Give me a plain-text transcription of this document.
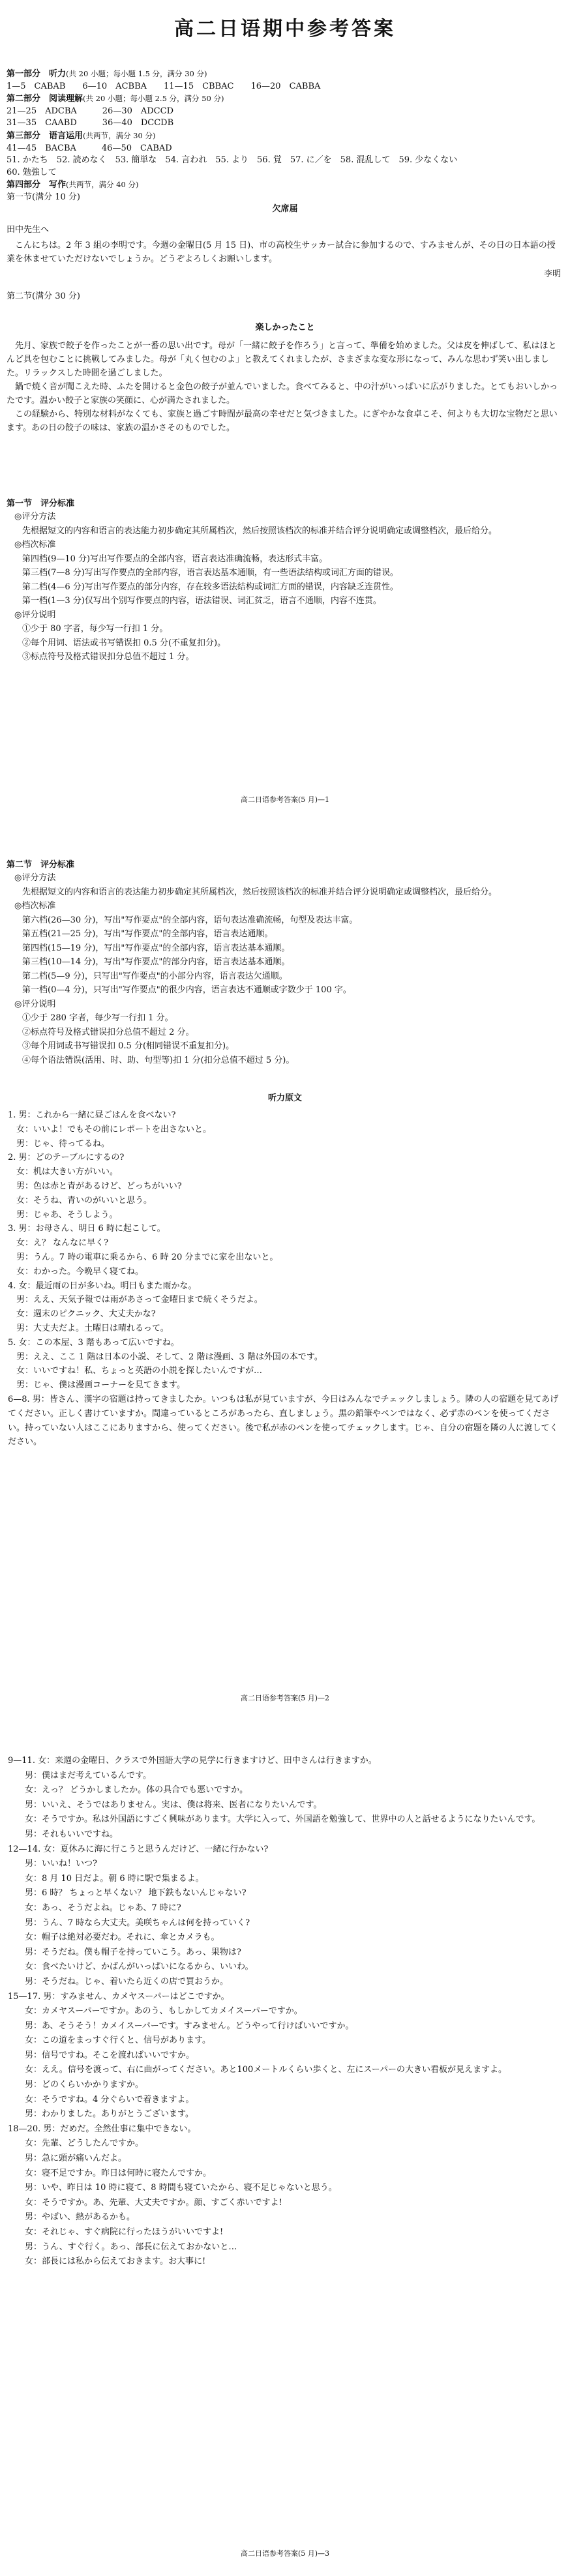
高二日语期中参考答案
第一部分　听力(共 20 小题；每小题 1.5 分，满分 30 分)
1—5　CABAB　　6—10　ACBBA　　11—15　CBBAC　　16—20　CABBA
第二部分　阅读理解(共 20 小题；每小题 2.5 分，满分 50 分)
21—25　ADCBA　　　26—30　ADCCD
31—35　CAABD　　　36—40　DCCDB
第三部分　语言运用(共两节，满分 30 分)
41—45　BACBA　　　46—50　CABAD
51. かたち　52. 読めなく　53. 簡単な　54. 言われ　55. より　56. 覚　57. に／を　58. 混乱して　59. 少なくない
60. 勉強して
第四部分　写作(共两节，满分 40 分)
第一节(满分 10 分)
欠席届
田中先生へ
　こんにちは。2 年 3 組の李明です。今週の金曜日(5 月 15 日)、市の高校生サッカー試合に参加するので、すみませんが、その日の日本語の授業を休ませていただけないでしょうか。どうぞよろしくお願いします。
李明
第二节(满分 30 分)
楽しかったこと
　先月、家族で餃子を作ったことが一番の思い出です。母が「一緒に餃子を作ろう」と言って、準備を始めました。父は皮を伸ばして、私はほとんど具を包むことに挑戦してみました。母が「丸く包むのよ」と教えてくれましたが、さまざまな変な形になって、みんな思わず笑い出しました。リラックスした時間を過ごしました。
　鍋で焼く音が聞こえた時、ふたを開けると金色の餃子が並んでいました。食べてみると、中の汁がいっぱいに広がりました。とてもおいしかったです。温かい餃子と家族の笑顔に、心が満たされました。
　この経験から、特別な材料がなくても、家族と過ごす時間が最高の幸せだと気づきました。にぎやかな食卓こそ、何よりも大切な宝物だと思います。あの日の餃子の味は、家族の温かさそのものでした。
第一节　评分标准
◎评分方法
先根据短文的内容和语言的表达能力初步确定其所属档次，然后按照该档次的标准并结合评分说明确定或调整档次，最后给分。
◎档次标准
第四档(9—10 分)写出写作要点的全部内容，语言表达准确流畅，表达形式丰富。
第三档(7—8 分)写出写作要点的全部内容，语言表达基本通顺，有一些语法结构或词汇方面的错误。
第二档(4—6 分)写出写作要点的部分内容，存在较多语法结构或词汇方面的错误，内容缺乏连贯性。
第一档(1—3 分)仅写出个别写作要点的内容，语法错误、词汇贫乏，语言不通顺，内容不连贯。
◎评分说明
①少于 80 字者，每少写一行扣 1 分。
②每个用词、语法或书写错误扣 0.5 分(不重复扣分)。
③标点符号及格式错误扣分总值不超过 1 分。
高二日语参考答案(5 月)—1
第二节　评分标准
◎评分方法
先根据短文的内容和语言的表达能力初步确定其所属档次，然后按照该档次的标准并结合评分说明确定或调整档次，最后给分。
◎档次标准
第六档(26—30 分)，写出"写作要点"的全部内容，语句表达准确流畅，句型及表达丰富。
第五档(21—25 分)，写出"写作要点"的全部内容，语言表达通顺。
第四档(15—19 分)，写出"写作要点"的全部内容，语言表达基本通顺。
第三档(10—14 分)，写出"写作要点"的部分内容，语言表达基本通顺。
第二档(5—9 分)，只写出"写作要点"的小部分内容，语言表达欠通顺。
第一档(0—4 分)，只写出"写作要点"的很少内容，语言表达不通顺或字数少于 100 字。
◎评分说明
①少于 280 字者，每少写一行扣 1 分。
②标点符号及格式错误扣分总值不超过 2 分。
③每个用词或书写错误扣 0.5 分(相同错误不重复扣分)。
④每个语法错误(活用、时、助、句型等)扣 1 分(扣分总值不超过 5 分)。
听力原文
1. 男：これから一緒に昼ごはんを食べない?
　女：いいよ！でもその前にレポートを出さないと。
　男：じゃ、待ってるね。
2. 男：どのテーブルにするの?
　女：机は大きい方がいい。
　男：色は赤と青があるけど、どっちがいい?
　女：そうね、青いのがいいと思う。
　男：じゃあ、そうしよう。
3. 男：お母さん、明日 6 時に起こして。
　女：え？ なんなに早く?
　男：うん。7 時の電車に乗るから、6 時 20 分までに家を出ないと。
　女：わかった。今晩早く寝てね。
4. 女：最近雨の日が多いね。明日もまた雨かな。
　男：ええ、天気予報では雨があさって金曜日まで続くそうだよ。
　女：週末のピクニック、大丈夫かな?
　男：大丈夫だよ。土曜日は晴れるって。
5. 女：この本屋、3 階もあって広いですね。
　男：ええ、ここ 1 階は日本の小説、そして、2 階は漫画、3 階は外国の本です。
　女：いいですね！私、ちょっと英語の小説を探したいんですが…
　男：じゃ、僕は漫画コーナーを見てきます。
6—8. 男：皆さん、漢字の宿題は持ってきましたか。いつもは私が見ていますが、今日はみんなでチェックしましょう。隣の人の宿題を見てあげてください。正しく書けていますか。間違っているところがあったら、直しましょう。黒の鉛筆やペンではなく、必ず赤のペンを使ってください。持っていない人はここにありますから、使ってください。後で私が赤のペンを使ってチェックします。じゃ、自分の宿題を隣の人に渡してください。
高二日语参考答案(5 月)—2
9—11. 女：来週の金曜日、クラスで外国語大学の見学に行きますけど、田中さんは行きますか。
　　男：僕はまだ考えているんです。
　　女：えっ？ どうかしましたか。体の具合でも悪いですか。
　　男：いいえ、そうではありません。実は、僕は将来、医者になりたいんです。
　　女：そうですか。私は外国語にすごく興味があります。大学に入って、外国語を勉強して、世界中の人と話せるようになりたいんです。
　　男：それもいいですね。
12—14. 女：夏休みに海に行こうと思うんだけど、一緒に行かない?
　　男：いいね！いつ?
　　女：8 月 10 日だよ。朝 6 時に駅で集まるよ。
　　男：6 時？ ちょっと早くない？ 地下鉄もないんじゃない?
　　女：あっ、そうだよね。じゃあ、7 時に?
　　男：うん、7 時なら大丈夫。美咲ちゃんは何を持っていく?
　　女：帽子は絶対必要だわ。それに、傘とカメラも。
　　男：そうだね。僕も帽子を持っていこう。あっ、果物は?
　　女：食べたいけど、かばんがいっぱいになるから、いいわ。
　　男：そうだね。じゃ、着いたら近くの店で買おうか。
15—17. 男：すみません、カメヤスーパーはどこですか。
　　女：カメヤスーパーですか。あのう、もしかしてカメイスーパーですか。
　　男：あ、そうそう！カメイスーパーです。すみません。どうやって行けばいいですか。
　　女：この道をまっすぐ行くと、信号があります。
　　男：信号ですね。そこを渡ればいいですか。
　　女：ええ。信号を渡って、右に曲がってください。あと100メートルくらい歩くと、左にスーパーの大きい看板が見えますよ。
　　男：どのくらいかかりますか。
　　女：そうですね。4 分ぐらいで着きますよ。
　　男：わかりました。ありがとうございます。
18—20. 男：だめだ。全然仕事に集中できない。
　　女：先輩、どうしたんですか。
　　男：急に頭が痛いんだよ。
　　女：寝不足ですか。昨日は何時に寝たんですか。
　　男：いや、昨日は 10 時に寝て、8 時間も寝ていたから、寝不足じゃないと思う。
　　女：そうですか。あ、先輩、大丈夫ですか。顔、すごく赤いですよ!
　　男：やばい、熱があるかも。
　　女：それじゃ、すぐ病院に行ったほうがいいですよ!
　　男：うん、すぐ行く。あっ、部長に伝えておかないと…
　　女：部長には私から伝えておきます。お大事に!
高二日语参考答案(5 月)—3
